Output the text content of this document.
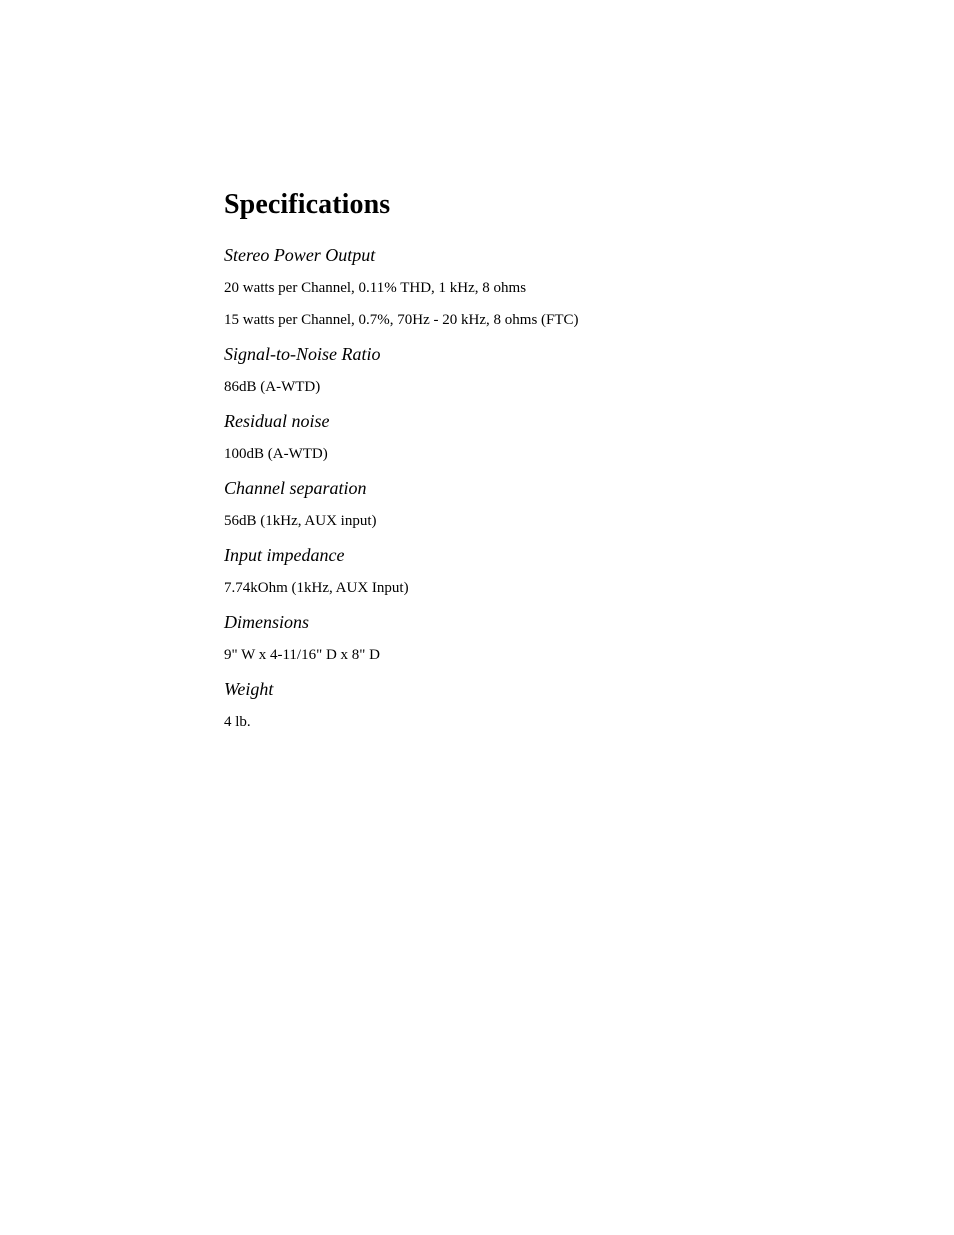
Specifications
Stereo Power Output
20 watts per Channel, 0.11% THD, 1 kHz, 8 ohms
15 watts per Channel, 0.7%, 70Hz - 20 kHz, 8 ohms (FTC)
Signal-to-Noise Ratio
86dB (A-WTD)
Residual noise
100dB (A-WTD)
Channel separation
56dB (1kHz, AUX input)
Input impedance
7.74kOhm (1kHz, AUX Input)
Dimensions
9" W x 4-11/16" D x 8" D
Weight
4 lb.
